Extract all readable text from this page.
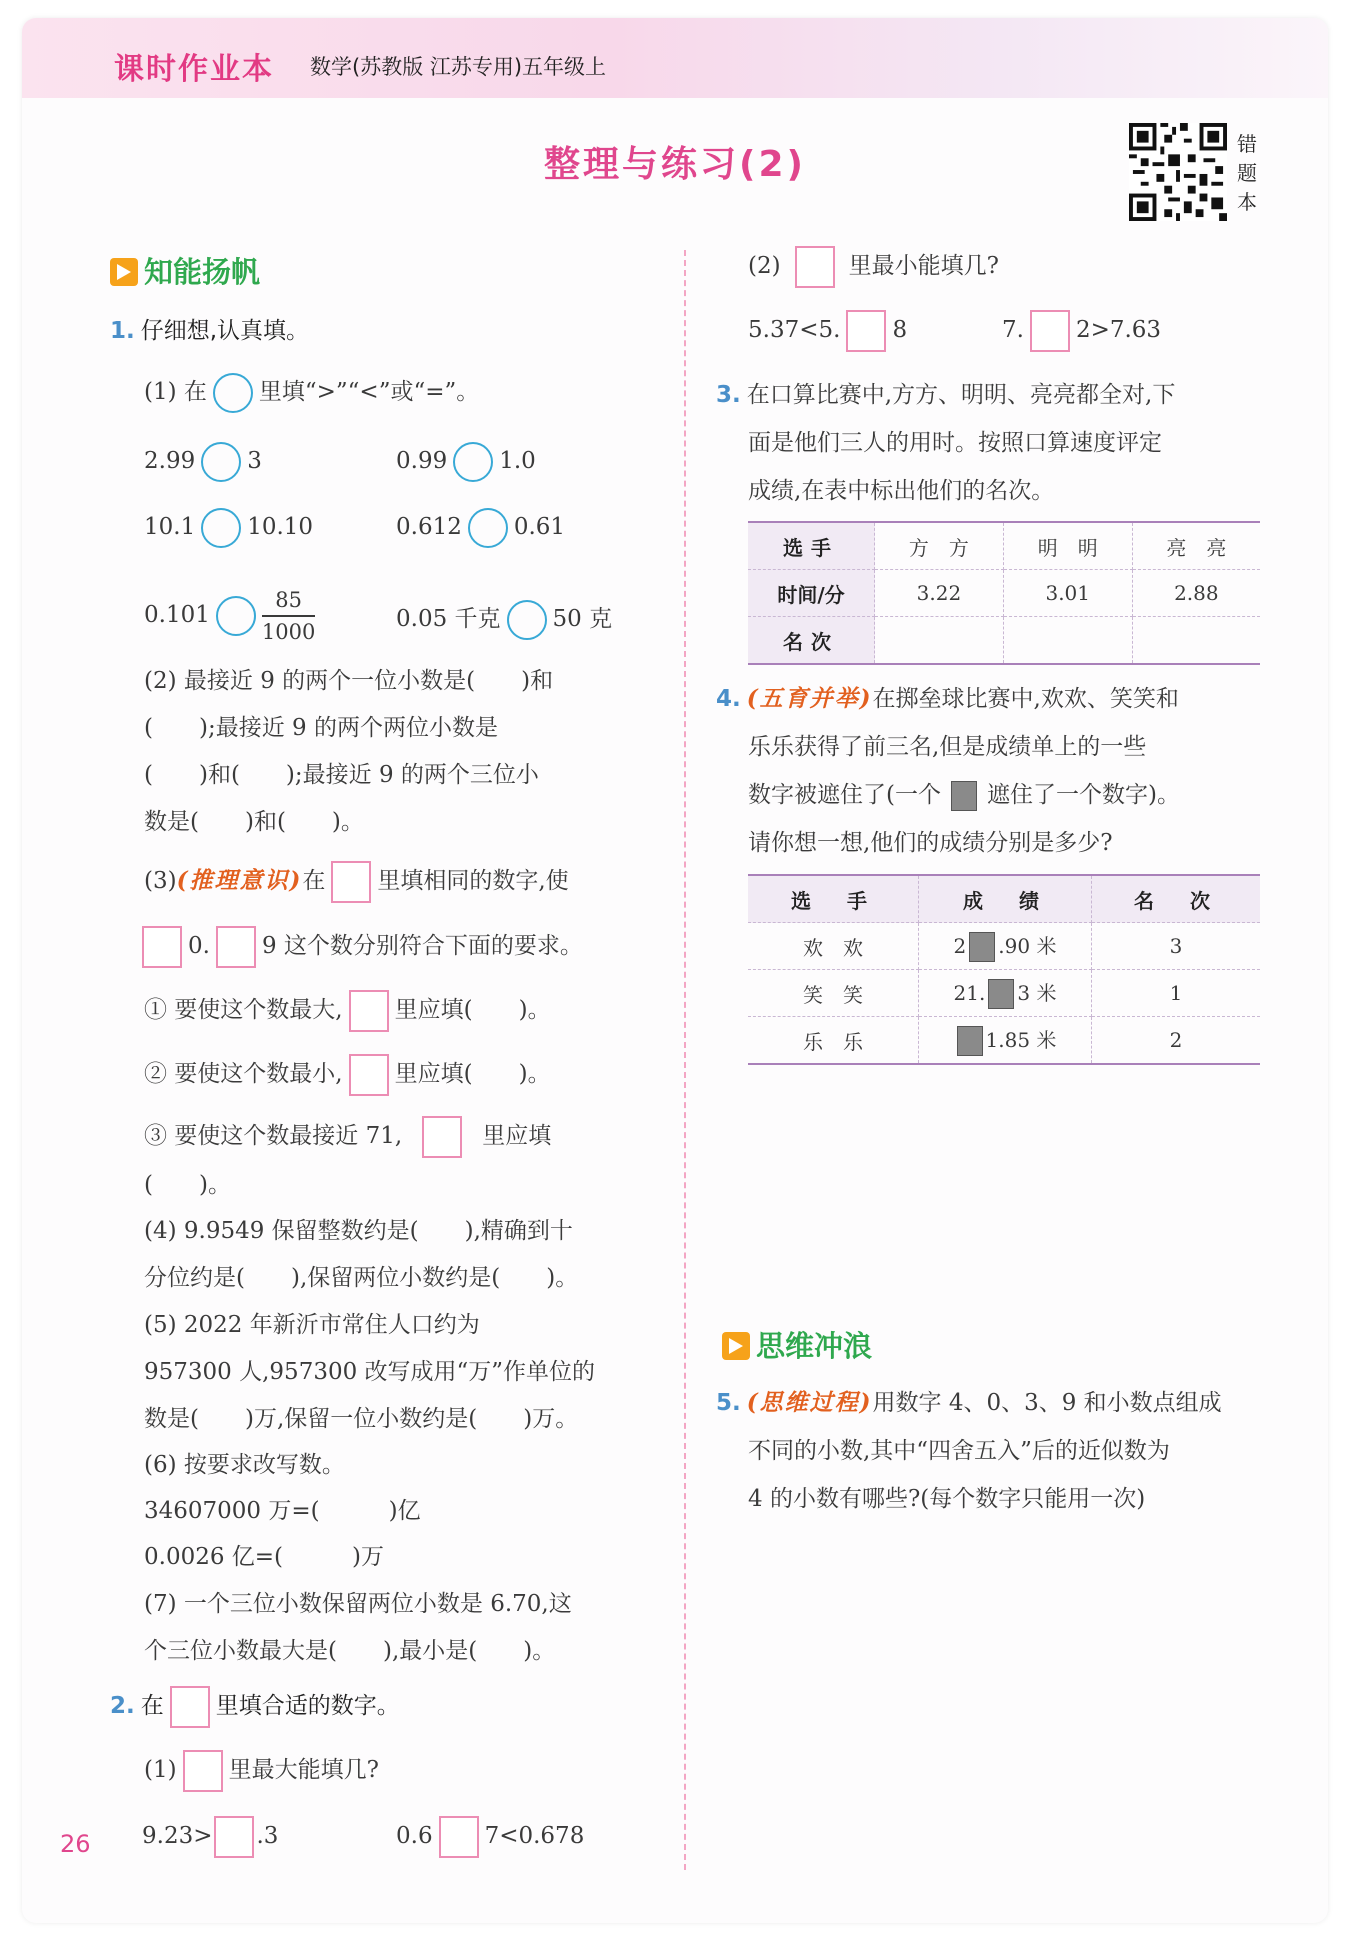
课时作业本 数学(苏教版 江苏专用)五年级上
整理与练习(2)	错
题
本
知能扬帆
1. 仔细想,认真填。
(1) 在 里填“>”“<”或“=”。
2.99 3	0.99 1.0
10.1 10.10	0.612 0.61
$0.101 \frac{85}{1000}$	0.05 千克 50 克
(2) 最接近 9 的两个一位小数是(　　)和
(　　);最接近 9 的两个两位小数是
(　　)和(　　);最接近 9 的两个三位小
数是(　　)和(　　)。
(3)(推理意识)在 里填相同的数字,使
0. 9 这个数分别符合下面的要求。
① 要使这个数最大, 里应填(　　)。
② 要使这个数最小, 里应填(　　)。
③ 要使这个数最接近 71,	里应填
(　　)。
(4) 9.9549 保留整数约是(　　),精确到十
分位约是(　　),保留两位小数约是(　　)。
(5) 2022 年新沂市常住人口约为
957300 人,957300 改写成用“万”作单位的
数是(　　)万,保留一位小数约是(　　)万。
(6) 按要求改写数。
34607000 万=(　　　)亿
0.0026 亿=(　　　)万
(7) 一个三位小数保留两位小数是 6.70,这
个三位小数最大是(　　),最小是(　　)。
2. 在 里填合适的数字。
(1) 里最大能填几?
9.23> .3	0.6 7<0.678
26
(2)	里最小能填几?
5.37<5. 8	7. 2>7.63
3. 在口算比赛中,方方、明明、亮亮都全对,下
面是他们三人的用时。按照口算速度评定
成绩,在表中标出他们的名次。
选手	方　方	明　明	亮　亮
时间/分	3.22	3.01	2.88
名次			
4. (五育并举)在掷垒球比赛中,欢欢、笑笑和
乐乐获得了前三名,但是成绩单上的一些
数字被遮住了(一个 遮住了一个数字)。
请你想一想,他们的成绩分别是多少?
选　手	成　绩	名　次
欢　欢	2 .90 米	3
笑　笑	21. 3 米	1
乐　乐	1.85 米	2
思维冲浪
5. (思维过程)用数字 4、0、3、9 和小数点组成
不同的小数,其中“四舍五入”后的近似数为
4 的小数有哪些?(每个数字只能用一次)
